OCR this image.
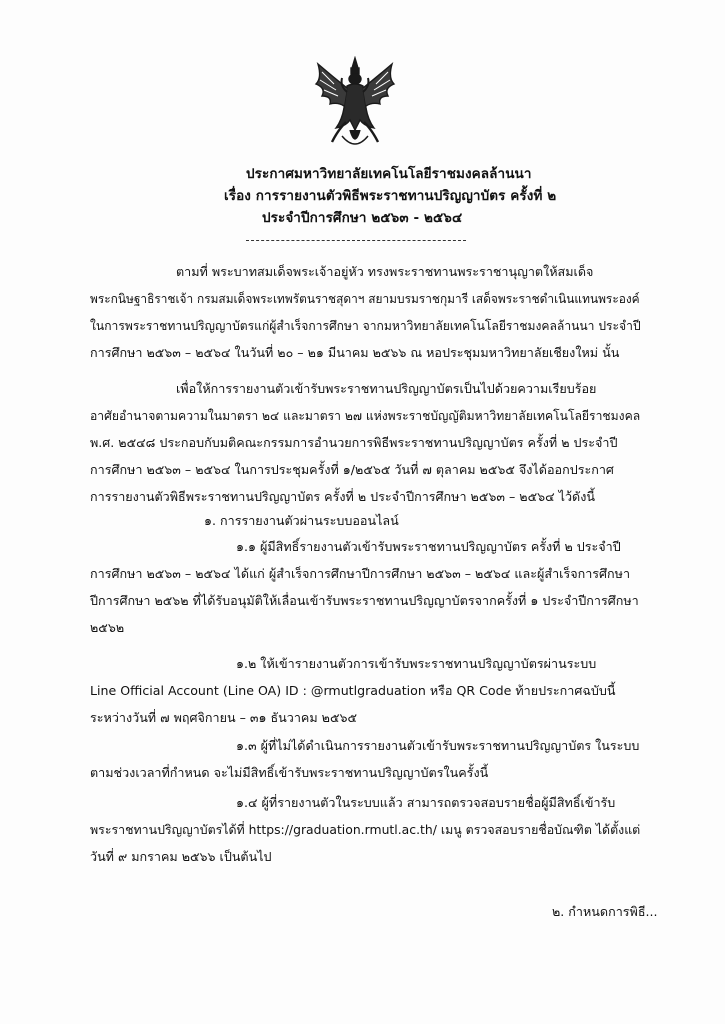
ประกาศมหาวิทยาลัยเทคโนโลยีราชมงคลล้านนา
เรื่อง การรายงานตัวพิธีพระราชทานปริญญาบัตร ครั้งที่ ๒
ประจำปีการศึกษา ๒๕๖๓ - ๒๕๖๔
ตามที่ พระบาทสมเด็จพระเจ้าอยู่หัว ทรงพระราชทานพระราชานุญาตให้สมเด็จ
พระกนิษฐาธิราชเจ้า กรมสมเด็จพระเทพรัตนราชสุดาฯ สยามบรมราชกุมารี เสด็จพระราชดำเนินแทนพระองค์
ในการพระราชทานปริญญาบัตรแก่ผู้สำเร็จการศึกษา จากมหาวิทยาลัยเทคโนโลยีราชมงคลล้านนา ประจำปี
การศึกษา ๒๕๖๓ – ๒๕๖๔ ในวันที่ ๒๐ – ๒๑ มีนาคม ๒๕๖๖ ณ หอประชุมมหาวิทยาลัยเชียงใหม่ นั้น
เพื่อให้การรายงานตัวเข้ารับพระราชทานปริญญาบัตรเป็นไปด้วยความเรียบร้อย
อาศัยอำนาจตามความในมาตรา ๒๔ และมาตรา ๒๗ แห่งพระราชบัญญัติมหาวิทยาลัยเทคโนโลยีราชมงคล
พ.ศ. ๒๕๔๘ ประกอบกับมติคณะกรรมการอำนวยการพิธีพระราชทานปริญญาบัตร ครั้งที่ ๒ ประจำปี
การศึกษา ๒๕๖๓ – ๒๕๖๔ ในการประชุมครั้งที่ ๑/๒๕๖๕ วันที่ ๗ ตุลาคม ๒๕๖๕ จึงได้ออกประกาศ
การรายงานตัวพิธีพระราชทานปริญญาบัตร ครั้งที่ ๒ ประจำปีการศึกษา ๒๕๖๓ – ๒๕๖๔ ไว้ดังนี้
๑. การรายงานตัวผ่านระบบออนไลน์
๑.๑ ผู้มีสิทธิ์รายงานตัวเข้ารับพระราชทานปริญญาบัตร ครั้งที่ ๒ ประจำปี
การศึกษา ๒๕๖๓ – ๒๕๖๔ ได้แก่ ผู้สำเร็จการศึกษาปีการศึกษา ๒๕๖๓ – ๒๕๖๔ และผู้สำเร็จการศึกษา
ปีการศึกษา ๒๕๖๒ ที่ได้รับอนุมัติให้เลื่อนเข้ารับพระราชทานปริญญาบัตรจากครั้งที่ ๑ ประจำปีการศึกษา
๒๕๖๒
๑.๒ ให้เข้ารายงานตัวการเข้ารับพระราชทานปริญญาบัตรผ่านระบบ
Line Official Account (Line OA) ID : @rmutlgraduation หรือ QR Code ท้ายประกาศฉบับนี้
ระหว่างวันที่ ๗ พฤศจิกายน – ๓๑ ธันวาคม ๒๕๖๕
๑.๓ ผู้ที่ไม่ได้ดำเนินการรายงานตัวเข้ารับพระราชทานปริญญาบัตร ในระบบ
ตามช่วงเวลาที่กำหนด จะไม่มีสิทธิ์เข้ารับพระราชทานปริญญาบัตรในครั้งนี้
๑.๔ ผู้ที่รายงานตัวในระบบแล้ว สามารถตรวจสอบรายชื่อผู้มีสิทธิ์เข้ารับ
พระราชทานปริญญาบัตรได้ที่ https://graduation.rmutl.ac.th/ เมนู ตรวจสอบรายชื่อบัณฑิต ได้ตั้งแต่
วันที่ ๙ มกราคม ๒๕๖๖ เป็นต้นไป
๒. กำหนดการพิธี...
